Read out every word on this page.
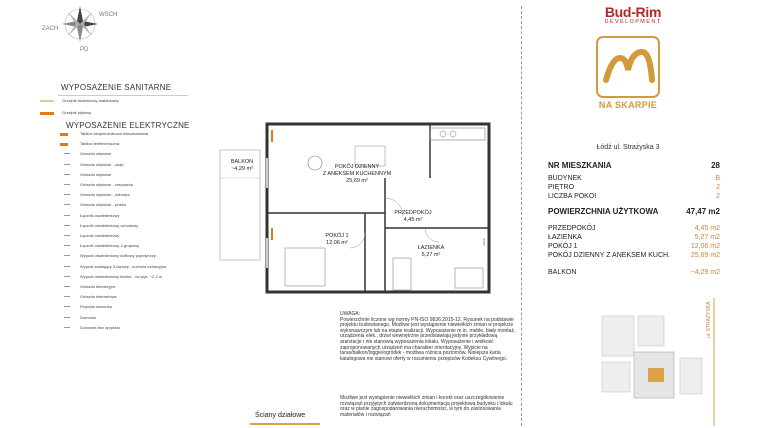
ZACH
WSCH
PD
WYPOSAŻENIE SANITARNE
Grzejnik łazienkowy drabinkowy
Grzejnik płytowy
WYPOSAŻENIE ELEKTRYCZNE
Tablica bezpiecznikowa mieszkaniowa
Tablica teletechniczna
Gniazdo wtykowe
Gniazdo wtykowe - okap
Gniazdo wtykowe
Gniazdo wtykowe - zmywarka
Gniazdo wtykowe - lodówka
Gniazdo wtykowe - pralka
Łącznik oświetleniowy
Łącznik oświetleniowy schodowy
Łącznik oświetleniowy
Łącznik oświetleniowy 2-grupowy
Wypust oświetleniowy sufitowy pojedynczy
Wypust zasilający 3-fazowy - kuchnia indukcyjna
Wypust oświetleniowy kinkiet - na wys. ~2,2 m
Gniazdo telewizyjne
Gniazdo internetowe
Przycisk dzwonka
Domofon
Dzwonek bez opryskiu
BALKON
~4,29 m²	POKÓJ DZIENNY
Z ANEKSEM KUCHENNYM
25,69 m²
PRZEDPOKÓJ
4,45 m²
POKÓJ 1
12,06 m²
ŁAZIENKA
5,27 m²
UWAGA:
Powierzchnie liczone wg normy PN-ISO 9836:2015-12. Rysunek na podstawie projektu budowlanego. Możliwe jest wystąpienie niewielkich zmian w projekcie wykonawczym lub na etapie realizacji. Wyposażenie m.in. meble, biały montaż, urządzenia elek., drzwi wewnętrzne przedstawiają jedynie przykładową aranżacje i nie stanowią wyposażenia lokalu. Wyposażenie i wielkość zaproponowanych urządzeń ma charakter orientacyjny. Wyjście na taras/balkon/loggie/ogródek - możliwa różnica poziomów. Niniejsza karta katalogowa nie stanowi oferty w rozumieniu przepisów Kodeksu Cywilnego.
Możliwe jest wystąpienie niewielkich zmian i korekt oraz uszczegółowienie rozwiązań przyjętych zatwierdzoną dokumentacją projektową budynku i lokalu oraz w planie zagospodarowania nieruchomości, w tym do zastosowania materiałów i rozwiązań
Ściany działowe
Bud-Rim
DEVELOPMENT
NA SKARPIE
Łódź ul. Strażyska 3
NR MIESZKANIA	28
BUDYNEK	B
PIĘTRO	2
LICZBA POKOI	2
POWIERZCHNIA UŻYTKOWA	47,47 m2
PRZEDPOKÓJ	4,45 m2
ŁAZIENKA	5,27 m2
POKÓJ 1	12,06 m2
POKÓJ DZIENNY Z ANEKSEM KUCH.	25,69 m2
BALKON	~4,29 m2
ul. STRAŻYSKA
